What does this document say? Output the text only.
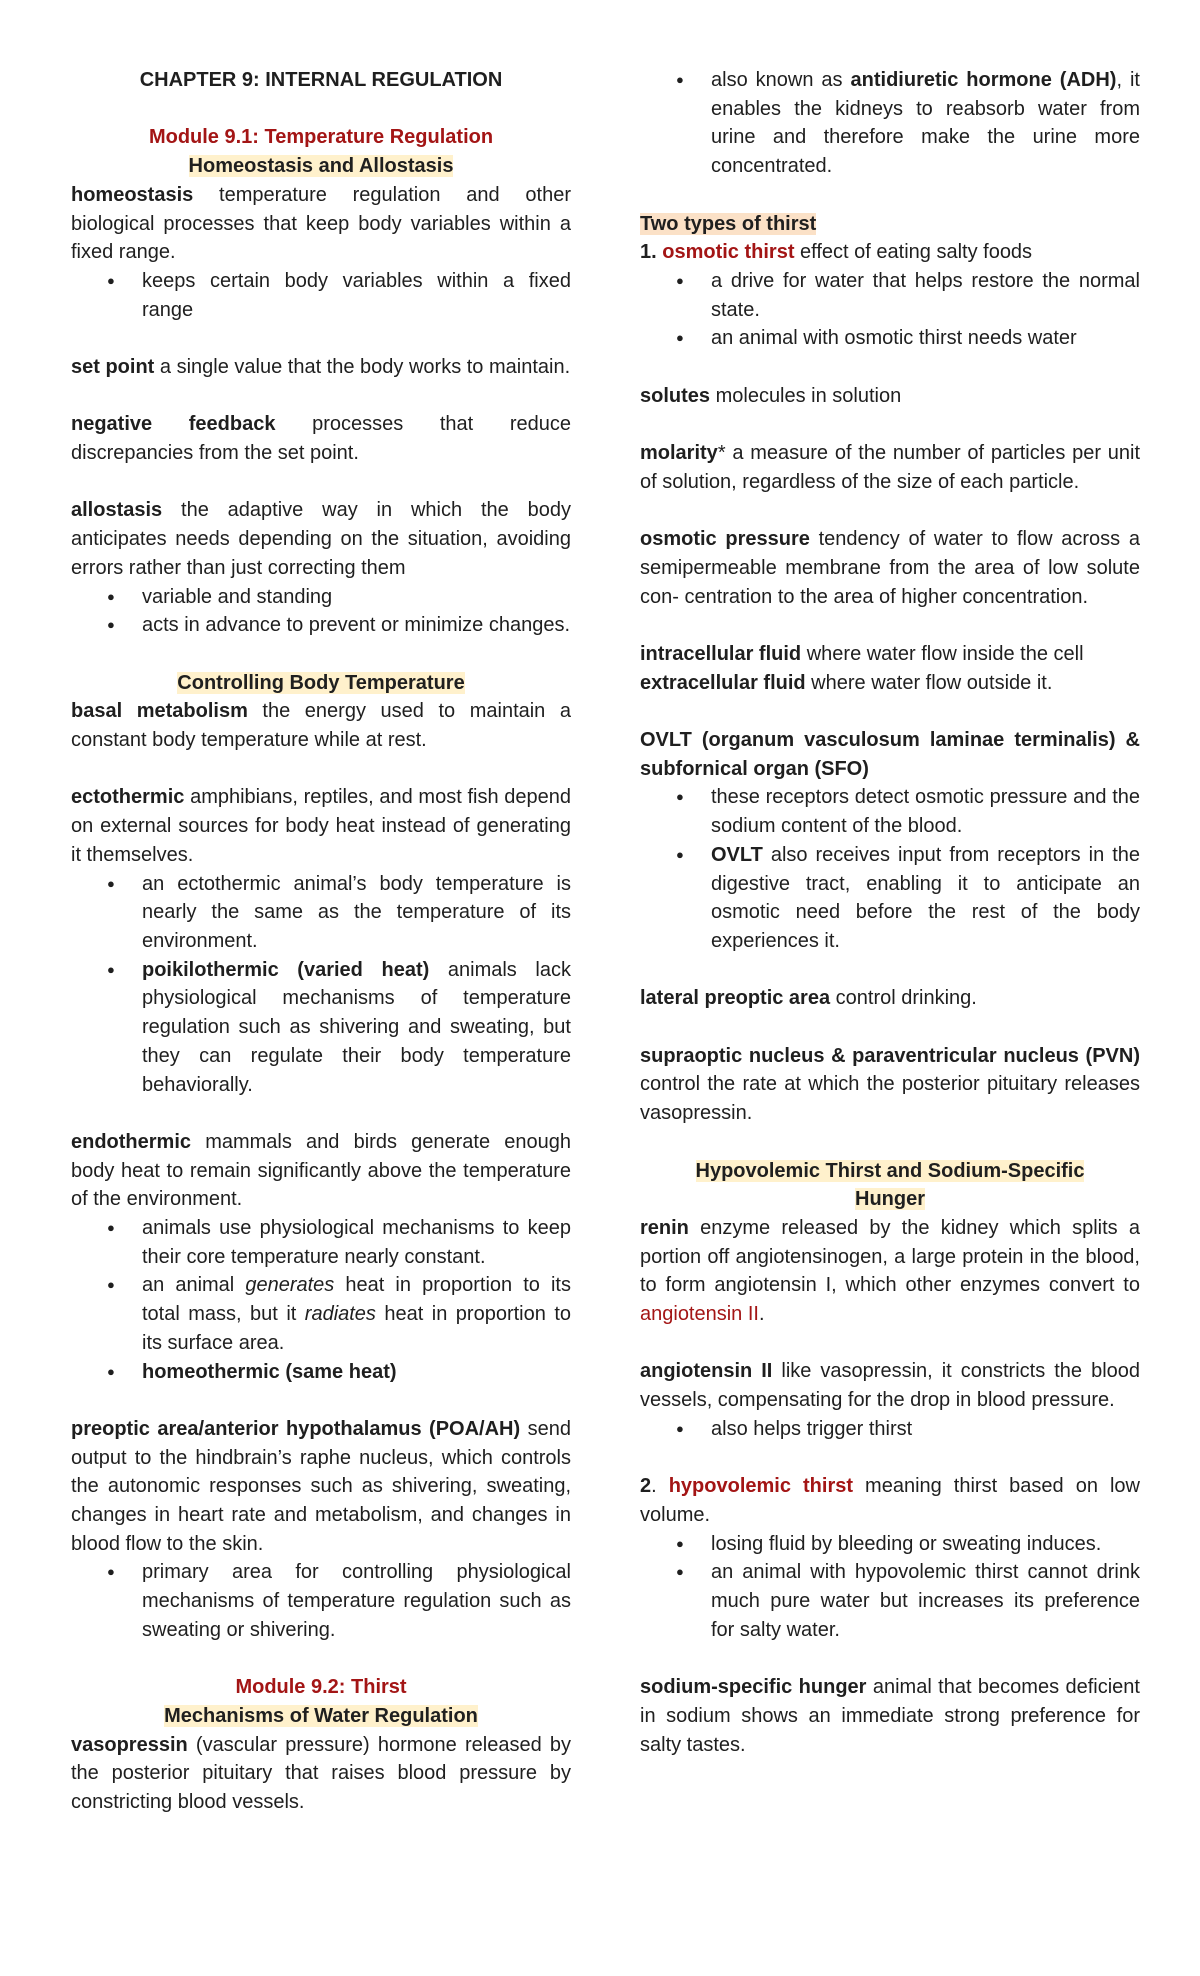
CHAPTER 9: INTERNAL REGULATION

Module 9.1: Temperature Regulation

Homeostasis and Allostasis

homeostasis temperature regulation and other biological processes that keep body variables within a fixed range.

● keeps certain body variables within a fixed range

set point a single value that the body works to maintain.

negative feedback processes that reduce discrepancies from the set point.

allostasis the adaptive way in which the body anticipates needs depending on the situation, avoiding errors rather than just correcting them

● variable and standing
● acts in advance to prevent or minimize changes.

Controlling Body Temperature

basal metabolism the energy used to maintain a constant body temperature while at rest.

ectothermic amphibians, reptiles, and most fish depend on external sources for body heat instead of generating it themselves.

● an ectothermic animal’s body temperature is nearly the same as the temperature of its environment.
● poikilothermic (varied heat) animals lack physiological mechanisms of temperature regulation such as shivering and sweating, but they can regulate their body temperature behaviorally.

endothermic mammals and birds generate enough body heat to remain significantly above the temperature of the environment.

● animals use physiological mechanisms to keep their core temperature nearly constant.
● an animal generates heat in proportion to its total mass, but it radiates heat in proportion to its surface area.
● homeothermic (same heat)

preoptic area/anterior hypothalamus (POA/AH) send output to the hindbrain’s raphe nucleus, which controls the autonomic responses such as shivering, sweating, changes in heart rate and metabolism, and changes in blood flow to the skin.

● primary area for controlling physiological mechanisms of temperature regulation such as sweating or shivering.

Module 9.2: Thirst

Mechanisms of Water Regulation

vasopressin (vascular pressure) hormone released by the posterior pituitary that raises blood pressure by constricting blood vessels.

● also known as antidiuretic hormone (ADH), it enables the kidneys to reabsorb water from urine and therefore make the urine more concentrated.

Two types of thirst

1. osmotic thirst effect of eating salty foods

● a drive for water that helps restore the normal state.
● an animal with osmotic thirst needs water

solutes molecules in solution

molarity* a measure of the number of particles per unit of solution, regardless of the size of each particle.

osmotic pressure tendency of water to flow across a semipermeable membrane from the area of low solute con- centration to the area of higher concentration.

intracellular fluid where water flow inside the cell

extracellular fluid where water flow outside it.

OVLT (organum vasculosum laminae terminalis) & subfornical organ (SFO)

● these receptors detect osmotic pressure and the sodium content of the blood.
● OVLT also receives input from receptors in the digestive tract, enabling it to anticipate an osmotic need before the rest of the body experiences it.

lateral preoptic area control drinking.

supraoptic nucleus & paraventricular nucleus (PVN) control the rate at which the posterior pituitary releases vasopressin.

Hypovolemic Thirst and Sodium-Specific
Hunger

renin enzyme released by the kidney which splits a portion off angiotensinogen, a large protein in the blood, to form angiotensin I, which other enzymes convert to angiotensin II.

angiotensin II like vasopressin, it constricts the blood vessels, compensating for the drop in blood pressure.

● also helps trigger thirst

2. hypovolemic thirst meaning thirst based on low volume.

● losing fluid by bleeding or sweating induces.
● an animal with hypovolemic thirst cannot drink much pure water but increases its preference for salty water.

sodium-specific hunger animal that becomes deficient in sodium shows an immediate strong preference for salty tastes.
